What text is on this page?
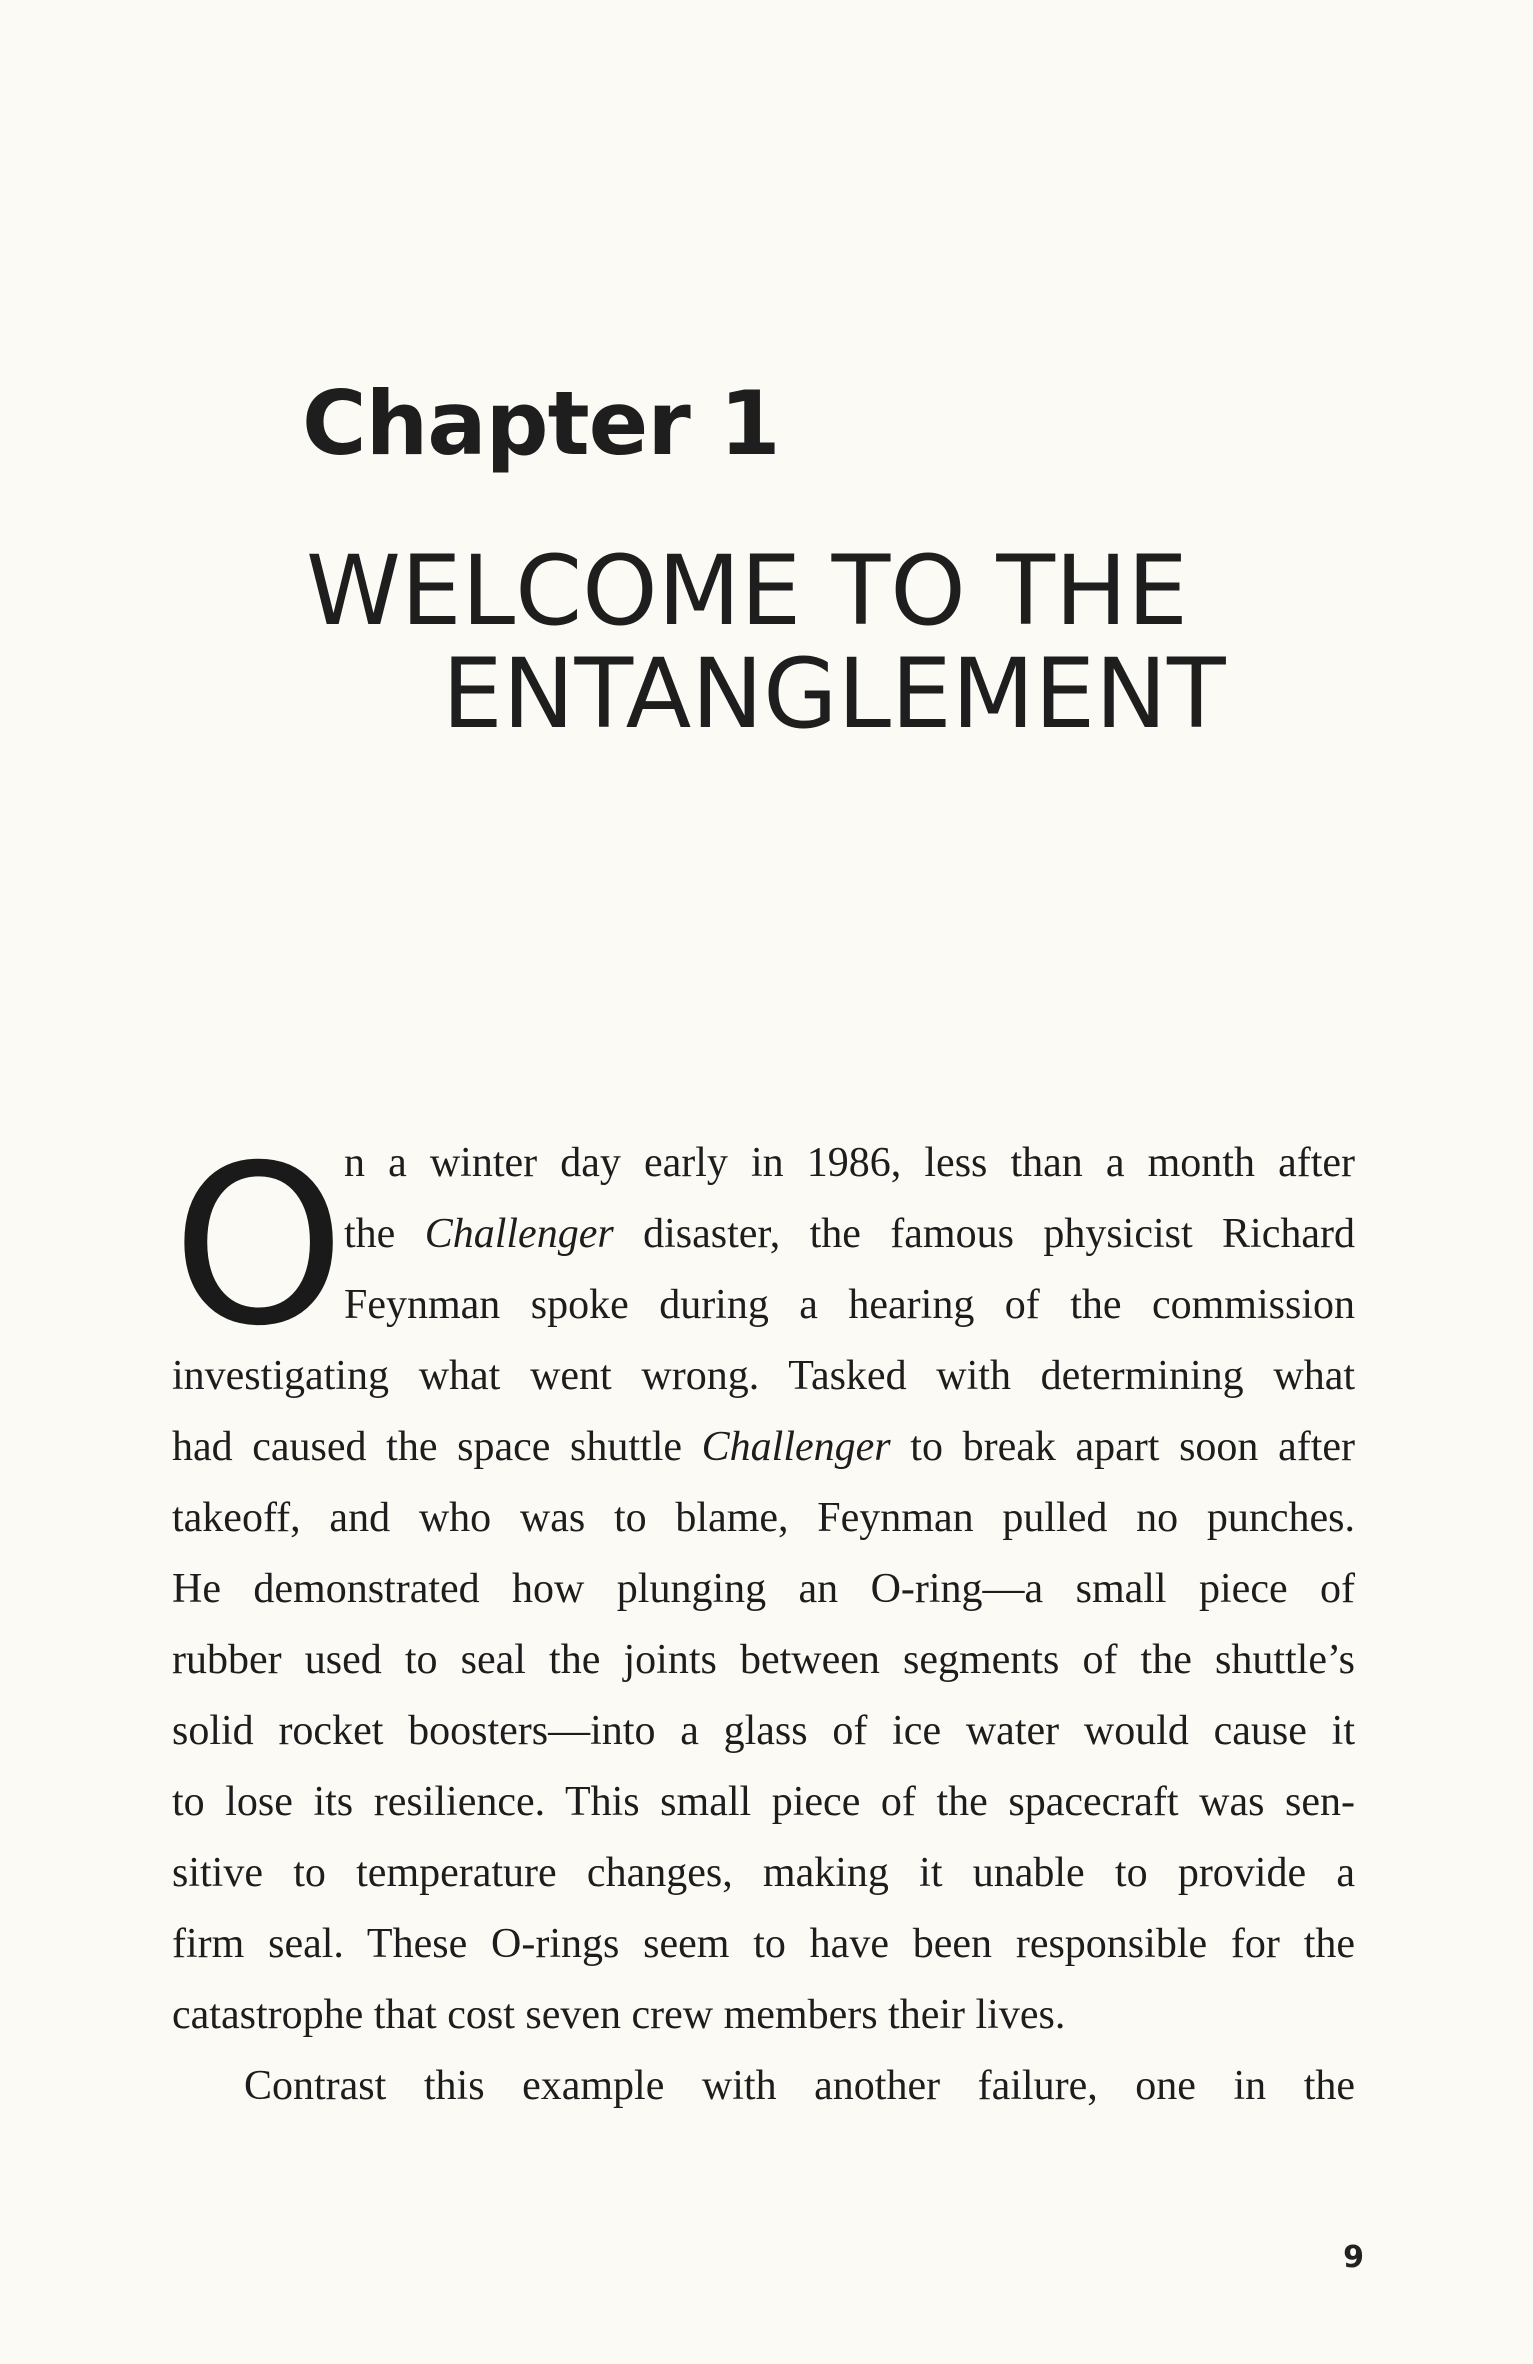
Chapter 1
WELCOME TO THE
ENTANGLEMENT
O
n a winter day early in 1986, less than a month after
the Challenger disaster, the famous physicist Richard
Feynman spoke during a hearing of the commission
investigating what went wrong. Tasked with determining what
had caused the space shuttle Challenger to break apart soon after
takeoff, and who was to blame, Feynman pulled no punches.
He demonstrated how plunging an O-ring—a small piece of
rubber used to seal the joints between segments of the shuttle’s
solid rocket boosters—into a glass of ice water would cause it
to lose its resilience. This small piece of the spacecraft was sen-
sitive to temperature changes, making it unable to provide a
firm seal. These O-rings seem to have been responsible for the
catastrophe that cost seven crew members their lives.
Contrast this example with another failure, one in the
9
